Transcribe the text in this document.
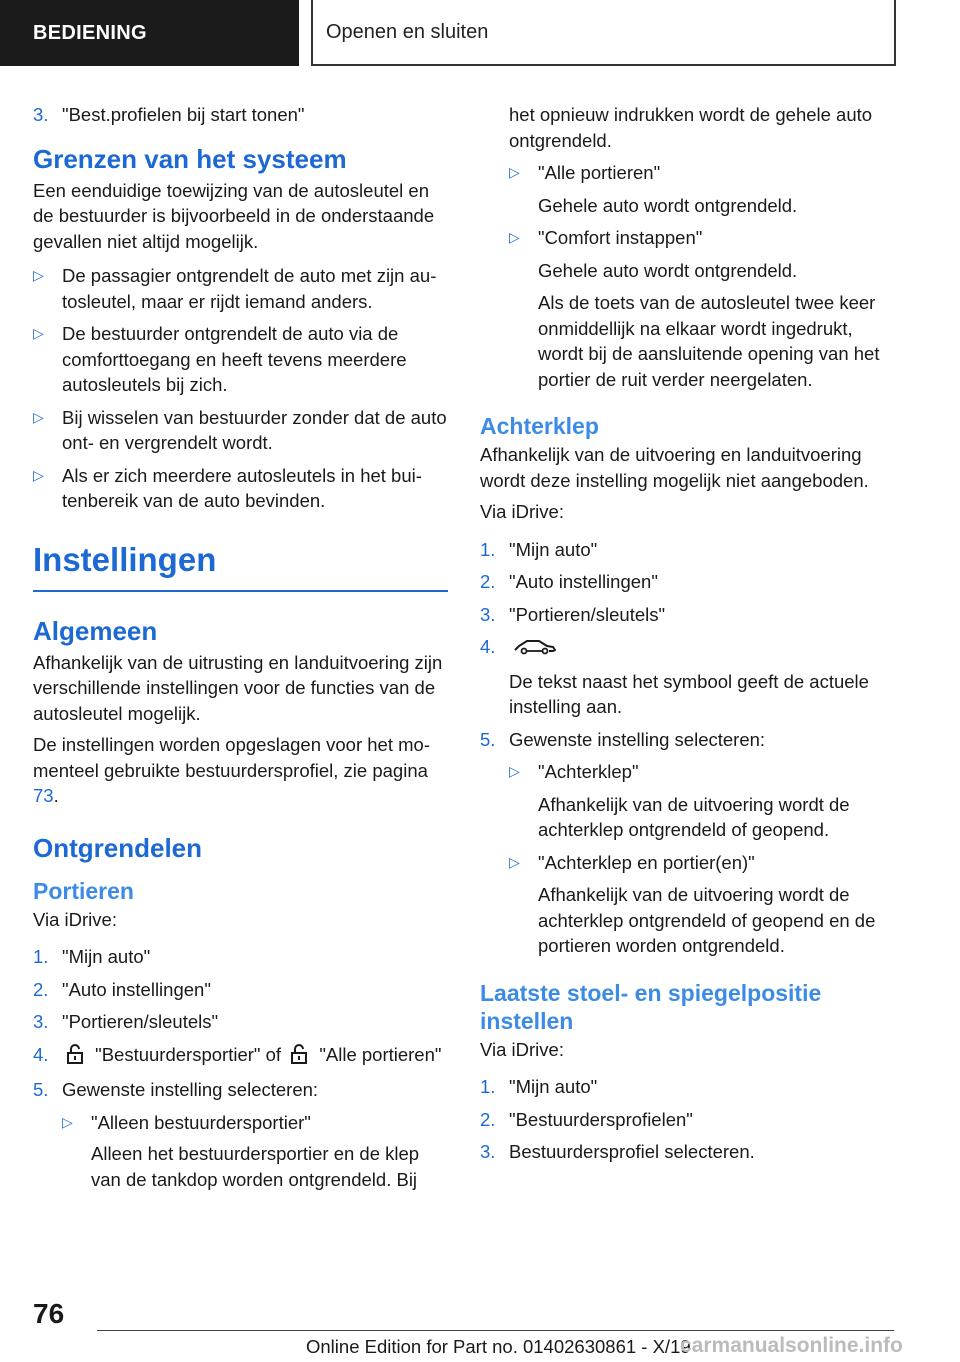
BEDIENING	Openen en sluiten
3. "Best.profielen bij start tonen"
Grenzen van het systeem

Een eenduidige toewijzing van de autosleutel en de bestuurder is bijvoorbeeld in de onderstaande gevallen niet altijd mogelijk.

▷ De passagier ontgrendelt de auto met zijn autosleutel, maar er rijdt iemand anders.
▷ De bestuurder ontgrendelt de auto via de comforttoegang en heeft tevens meerdere autosleutels bij zich.
▷ Bij wisselen van bestuurder zonder dat de auto ont- en vergrendelt wordt.
▷ Als er zich meerdere autosleutels in het buitenbereik van de auto bevinden.
Instellingen
Algemeen

Afhankelijk van de uitrusting en landuitvoering zijn verschillende instellingen voor de functies van de autosleutel mogelijk.

De instellingen worden opgeslagen voor het momenteel gebruikte bestuurdersprofiel, zie pagina 73.

Ontgrendelen
Portieren

Via iDrive:

1. "Mijn auto"
2. "Auto instellingen"
3. "Portieren/sleutels"
4.	"Bestuurdersportier" of "Alle portieren"
5. Gewenste instelling selecteren:
▷ "Alleen bestuurdersportier"
Alleen het bestuurdersportier en de klep van de tankdop worden ontgrendeld. Bij

het opnieuw indrukken wordt de gehele auto ontgrendeld.

▷ "Alle portieren"
Gehele auto wordt ontgrendeld.
▷ "Comfort instappen"
Gehele auto wordt ontgrendeld.
Als de toets van de autosleutel twee keer onmiddellijk na elkaar wordt ingedrukt, wordt bij de aansluitende opening van het portier de ruit verder neergelaten.
Achterklep

Afhankelijk van de uitvoering en landuitvoering wordt deze instelling mogelijk niet aangeboden.

Via iDrive:

1. "Mijn auto"
2. "Auto instellingen"
3. "Portieren/sleutels"
4.
De tekst naast het symbool geeft de actuele instelling aan.
5. Gewenste instelling selecteren:
▷ "Achterklep"
Afhankelijk van de uitvoering wordt de achterklep ontgrendeld of geopend.
▷ "Achterklep en portier(en)"
Afhankelijk van de uitvoering wordt de achterklep ontgrendeld of geopend en de portieren worden ontgrendeld.
Laatste stoel- en spiegelpositie instellen

Via iDrive:

1. "Mijn auto"
2. "Bestuurdersprofielen"
3. Bestuurdersprofiel selecteren.
76
Online Edition for Part no. 01402630861 - X/19
carmanualsonline.info
